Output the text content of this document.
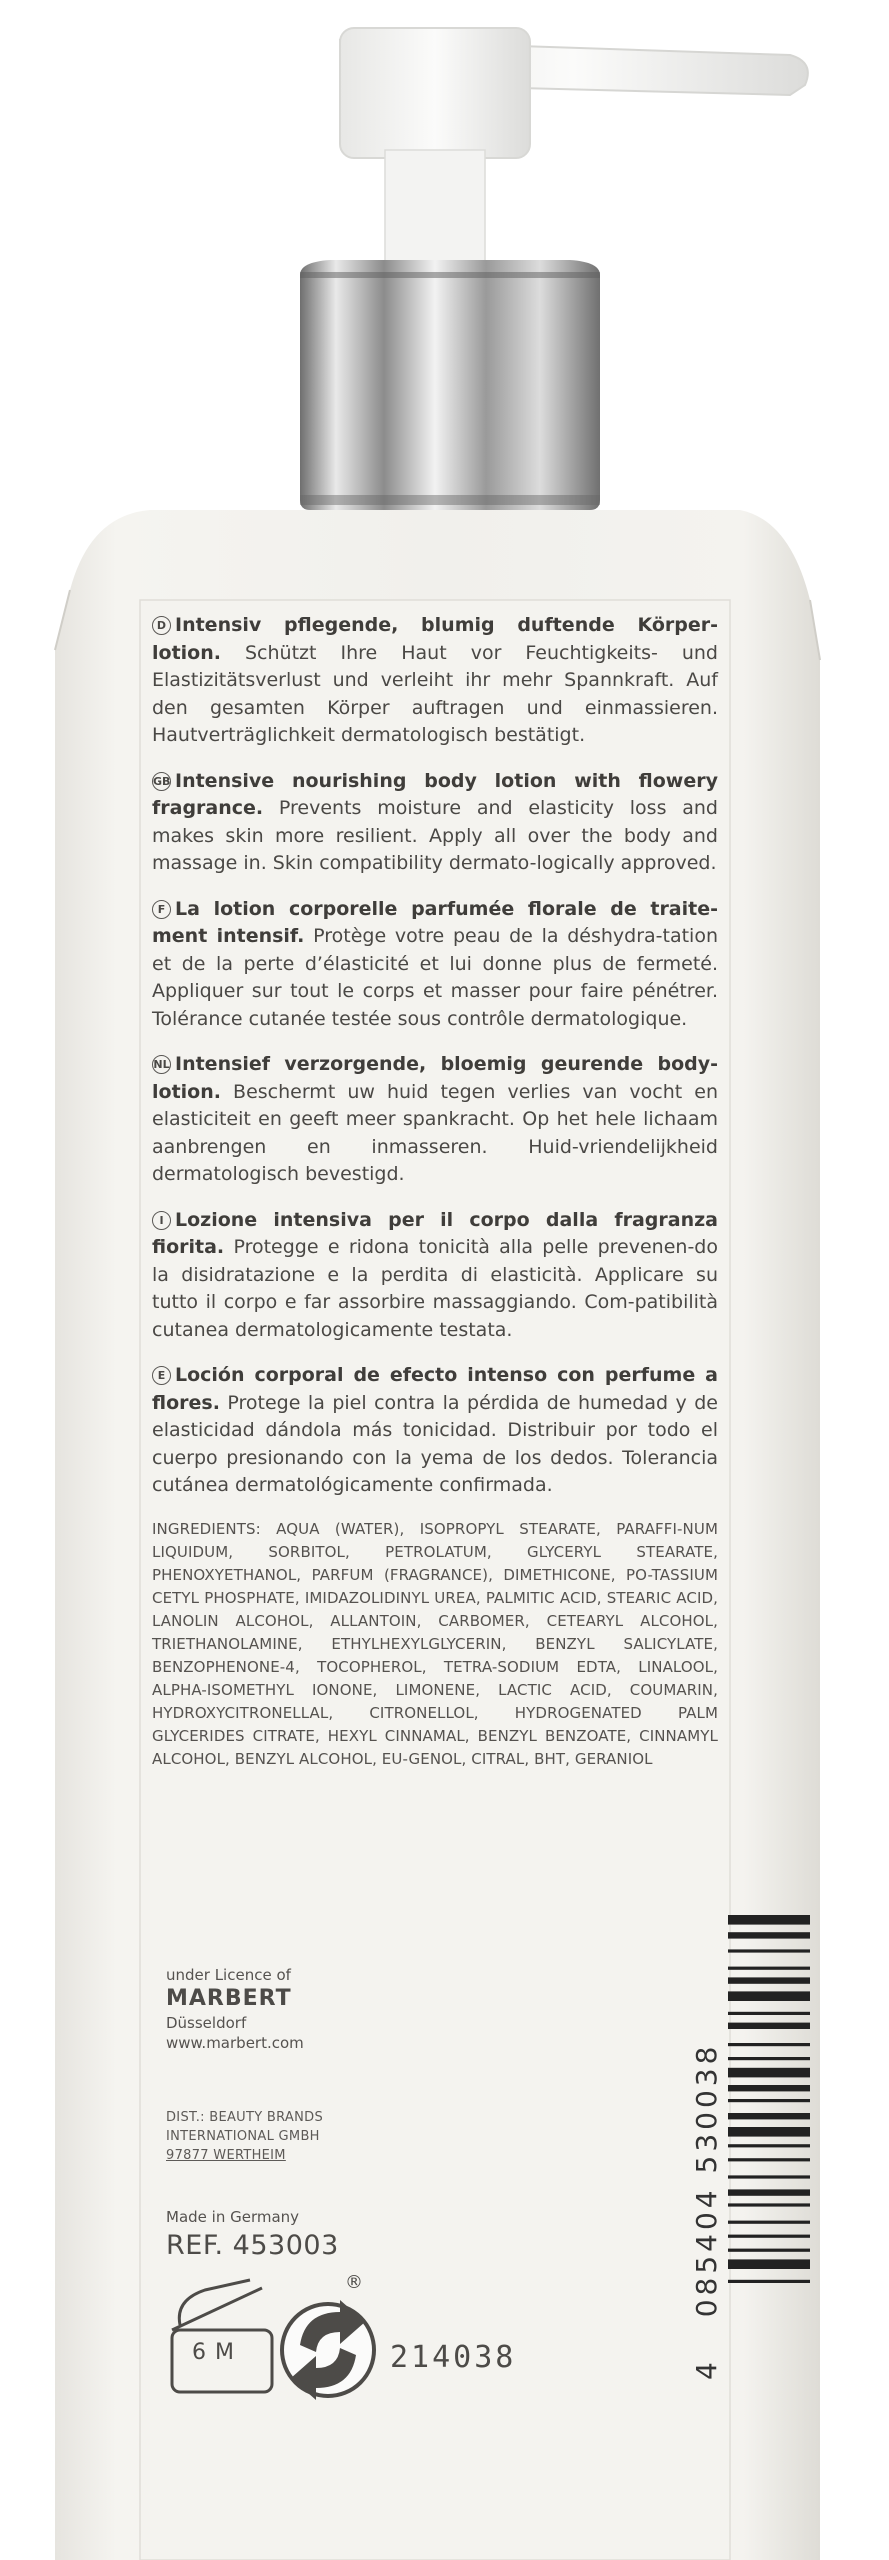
D Intensiv pflegende, blumig duftende Körper-lotion. Schützt Ihre Haut vor Feuchtigkeits- und Elastizitätsverlust und verleiht ihr mehr Spannkraft. Auf den gesamten Körper auftragen und einmassieren. Hautverträglichkeit dermatologisch bestätigt.
GB Intensive nourishing body lotion with flowery fragrance. Prevents moisture and elasticity loss and makes skin more resilient. Apply all over the body and massage in. Skin compatibility dermato-logically approved.
F La lotion corporelle parfumée florale de traite-ment intensif. Protège votre peau de la déshydra-tation et de la perte d’élasticité et lui donne plus de fermeté. Appliquer sur tout le corps et masser pour faire pénétrer. Tolérance cutanée testée sous contrôle dermatologique.
NL Intensief verzorgende, bloemig geurende body-lotion. Beschermt uw huid tegen verlies van vocht en elasticiteit en geeft meer spankracht. Op het hele lichaam aanbrengen en inmasseren. Huid-vriendelijkheid dermatologisch bevestigd.
I Lozione intensiva per il corpo dalla fragranza fiorita. Protegge e ridona tonicità alla pelle prevenen-do la disidratazione e la perdita di elasticità. Applicare su tutto il corpo e far assorbire massaggiando. Com-patibilità cutanea dermatologicamente testata.
E Loción corporal de efecto intenso con perfume a flores. Protege la piel contra la pérdida de humedad y de elasticidad dándola más tonicidad. Distribuir por todo el cuerpo presionando con la yema de los dedos. Tolerancia cutánea dermatológicamente confirmada.
INGREDIENTS: AQUA (WATER), ISOPROPYL STEARATE, PARAFFI-NUM LIQUIDUM, SORBITOL, PETROLATUM, GLYCERYL STEARATE, PHENOXYETHANOL, PARFUM (FRAGRANCE), DIMETHICONE, PO-TASSIUM CETYL PHOSPHATE, IMIDAZOLIDINYL UREA, PALMITIC ACID, STEARIC ACID, LANOLIN ALCOHOL, ALLANTOIN, CARBOMER, CETEARYL ALCOHOL, TRIETHANOLAMINE, ETHYLHEXYLGLYCERIN, BENZYL SALICYLATE, BENZOPHENONE-4, TOCOPHEROL, TETRA-SODIUM EDTA, LINALOOL, ALPHA-ISOMETHYL IONONE, LIMONENE, LACTIC ACID, COUMARIN, HYDROXYCITRONELLAL, CITRONELLOL, HYDROGENATED PALM GLYCERIDES CITRATE, HEXYL CINNAMAL, BENZYL BENZOATE, CINNAMYL ALCOHOL, BENZYL ALCOHOL, EU-GENOL, CITRAL, BHT, GERANIOL
under Licence of
MARBERT
Düsseldorf
www.marbert.com
DIST.: BEAUTY BRANDS
INTERNATIONAL GMBH
97877 WERTHEIM
Made in Germany
REF. 453003
6 M
®
214038	4 085404 530038
